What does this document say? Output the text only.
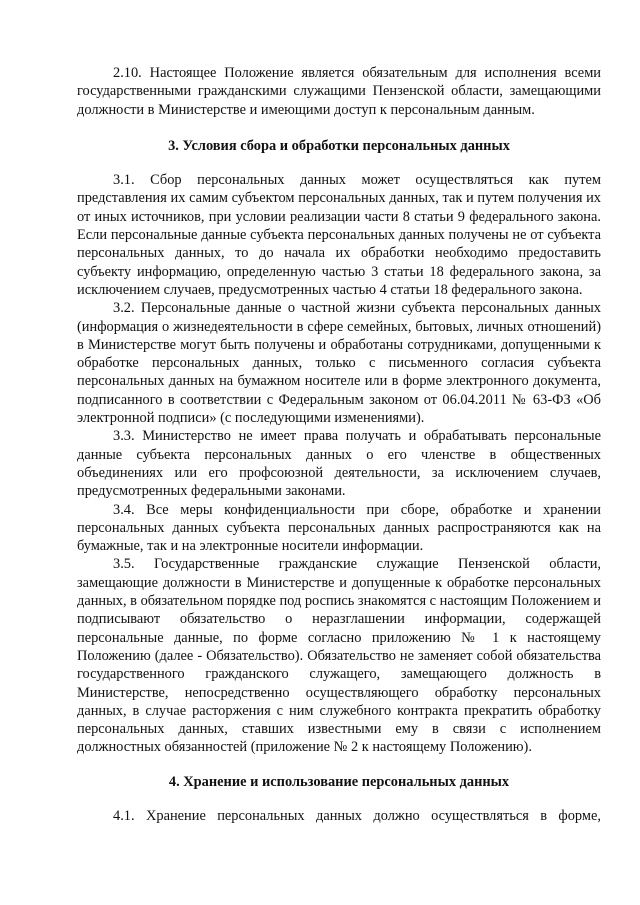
2.10. Настоящее Положение является обязательным для исполнения всеми государственными гражданскими служащими Пензенской области, замещающими должности в Министерстве и имеющими доступ к персональным данным.

3. Условия сбора и обработки персональных данных

3.1. Сбор персональных данных может осуществляться как путем представления их самим субъектом персональных данных, так и путем получения их от иных источников, при условии реализации части 8 статьи 9 федерального закона. Если персональные данные субъекта персональных данных получены не от субъекта персональных данных, то до начала их обработки необходимо предоставить субъекту информацию, определенную частью 3 статьи 18 федерального закона, за исключением случаев, предусмотренных частью 4 статьи 18 федерального закона.

3.2. Персональные данные о частной жизни субъекта персональных данных (информация о жизнедеятельности в сфере семейных, бытовых, личных отношений) в Министерстве могут быть получены и обработаны сотрудниками, допущенными к обработке персональных данных, только с письменного согласия субъекта персональных данных на бумажном носителе или в форме электронного документа, подписанного в соответствии с Федеральным законом от 06.04.2011 № 63-ФЗ «Об электронной подписи» (с последующими изменениями).

3.3. Министерство не имеет права получать и обрабатывать персональные данные субъекта персональных данных о его членстве в общественных объединениях или его профсоюзной деятельности, за исключением случаев, предусмотренных федеральными законами.

3.4. Все меры конфиденциальности при сборе, обработке и хранении персональных данных субъекта персональных данных распространяются как на бумажные, так и на электронные носители информации.

3.5. Государственные гражданские служащие Пензенской области, замещающие должности в Министерстве и допущенные к обработке персональных данных, в обязательном порядке под роспись знакомятся с настоящим Положением и подписывают обязательство о неразглашении информации, содержащей персональные данные, по форме согласно приложению № 1 к настоящему Положению (далее - Обязательство). Обязательство не заменяет собой обязательства государственного гражданского служащего, замещающего должность в Министерстве, непосредственно осуществляющего обработку персональных данных, в случае расторжения с ним служебного контракта прекратить обработку персональных данных, ставших известными ему в связи с исполнением должностных обязанностей (приложение № 2 к настоящему Положению).

4. Хранение и использование персональных данных

4.1. Хранение персональных данных должно осуществляться в форме,
